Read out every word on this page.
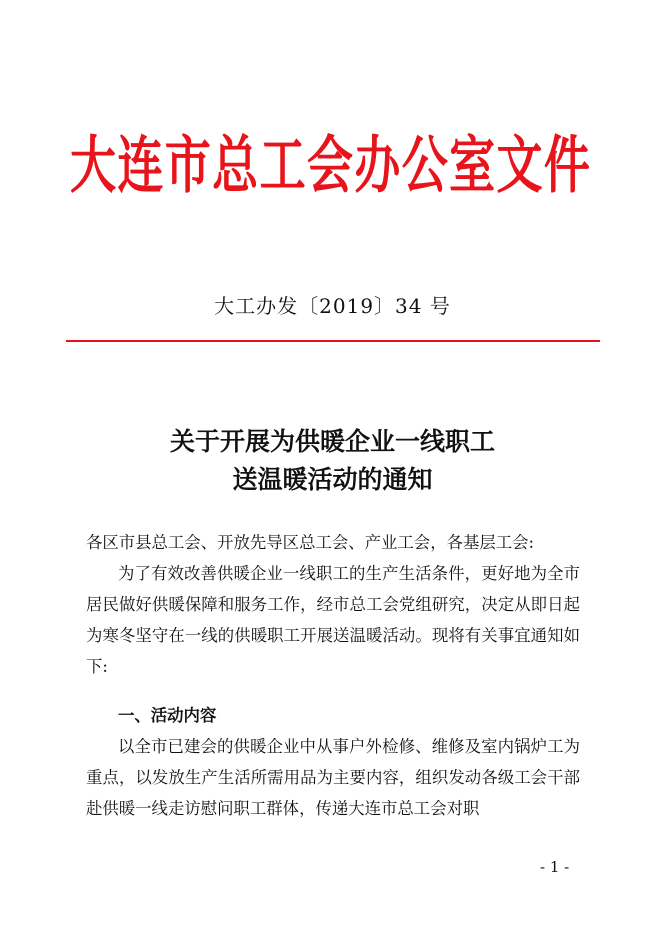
大 连 市 总 工 会 办 公 室 文 件
大工办发〔2019〕34 号
关于开展为供暖企业一线职工
送温暖活动的通知
各区市县总工会、开放先导区总工会、产业工会，各基层工会:
为了有效改善供暖企业一线职工的生产生活条件，更好地为全市居民做好供暖保障和服务工作，经市总工会党组研究，决定从即日起为寒冬坚守在一线的供暖职工开展送温暖活动。现将有关事宜通知如下:
一、活动内容
以全市已建会的供暖企业中从事户外检修、维修及室内锅炉工为重点，以发放生产生活所需用品为主要内容，组织发动各级工会干部赴供暖一线走访慰问职工群体，传递大连市总工会对职
- 1 -
